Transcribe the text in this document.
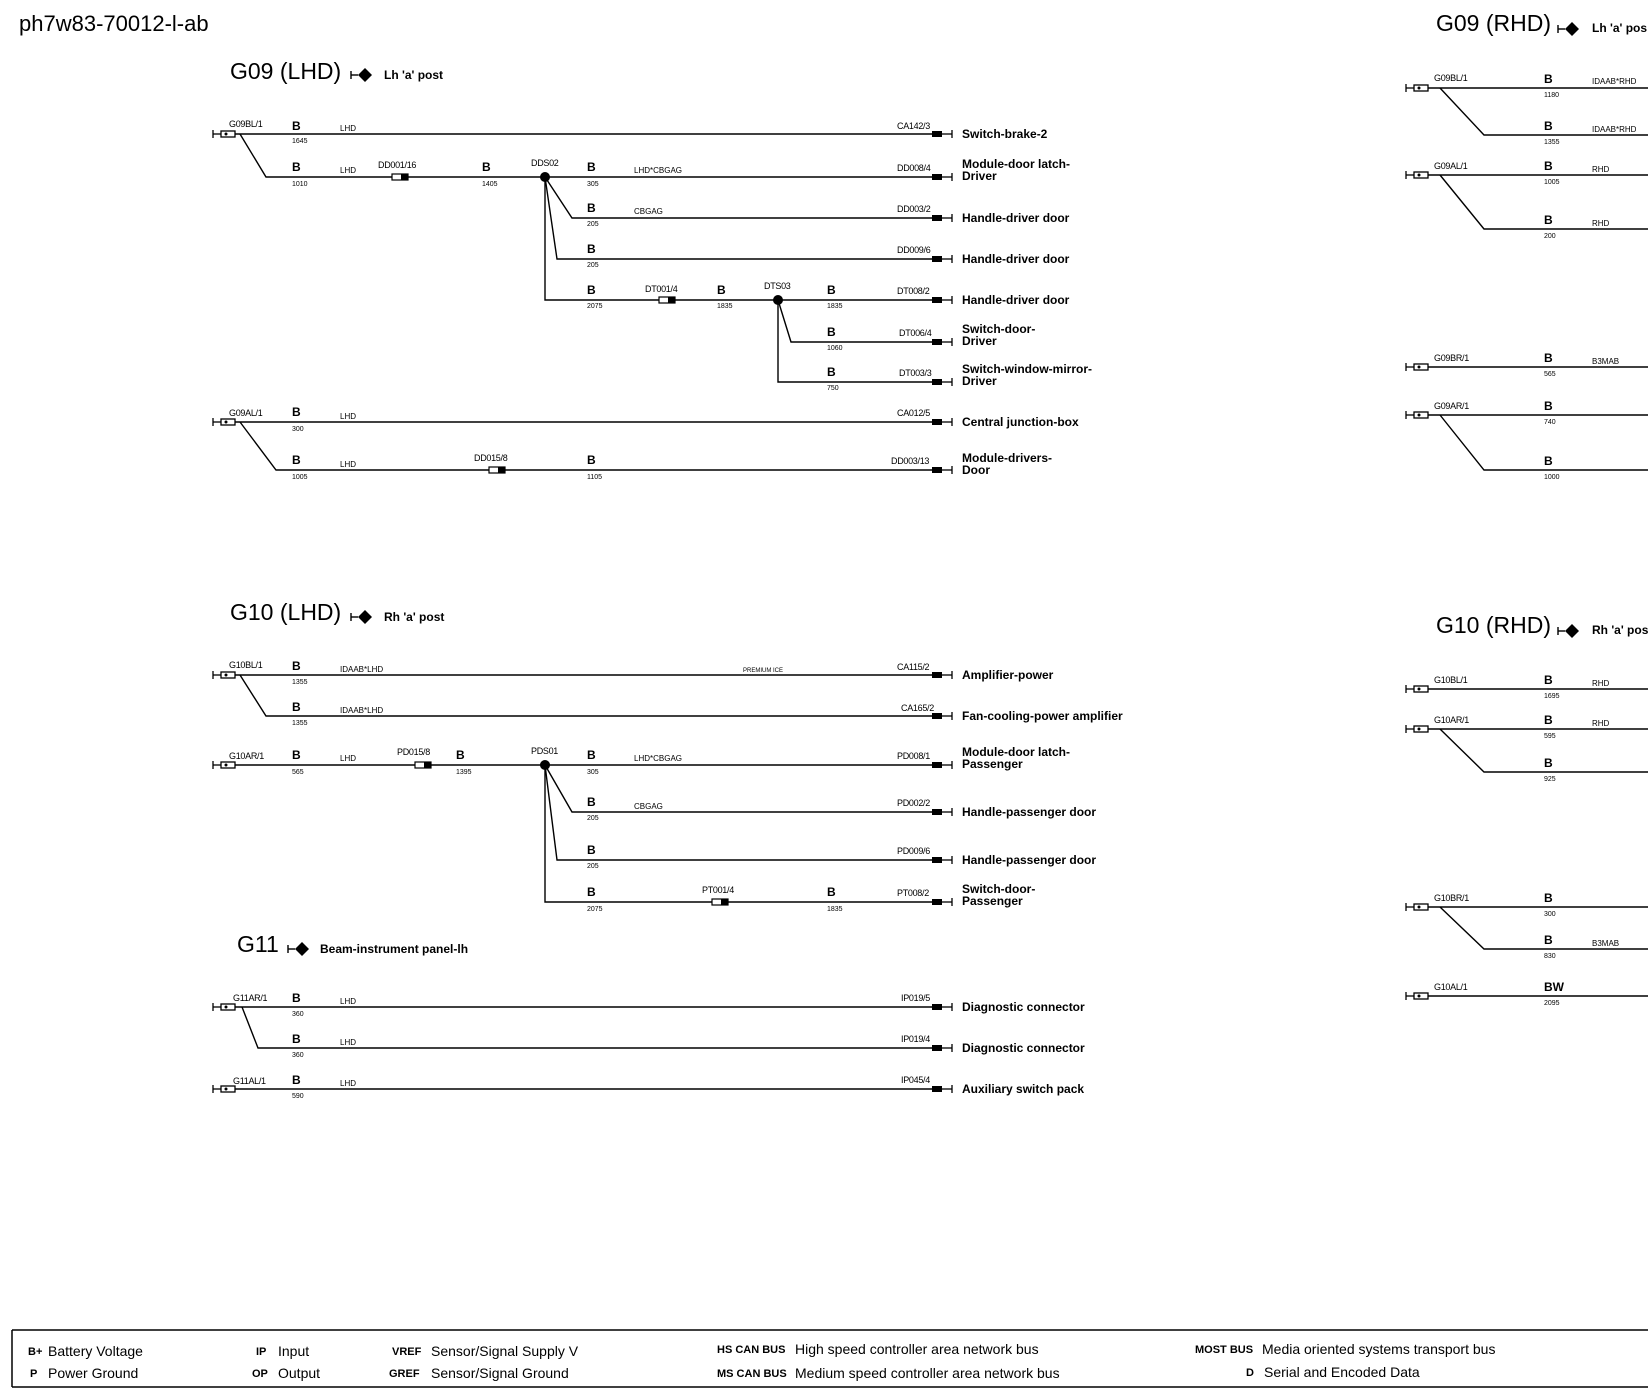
ph7w83-70012-l-ab
G09 (LHD)	Lh 'a' post
G09BL/1 B
1645
LHD	CA142/3
Switch-brake-2
B
1010
LHD
DD001/16	B
1405
DDS02 B
305
LHD*CBGAG	DD008/4	Module-door latch-
Driver
B
205
CBGAG	DD003/2
Handle-driver door
B
205
DD009/6
Handle-driver door
B
2075
DT001/4	B
1835
DTS03	B
1835
DT008/2
Handle-driver door
B
1060
DT006/4	Switch-door-
Driver
B
750
DT003/3	Switch-window-mirror-
Driver
G09AL/1 B
300
LHD	CA012/5
Central junction-box
B
1005
LHD
DD015/8	B
1105
DD003/13	Module-drivers-
Door
G10 (LHD)	Rh 'a' post
G10BL/1 B
1355
IDAAB*LHD	PREMIUM ICE	CA115/2
Amplifier-power
B
1355
IDAAB*LHD	CA165/2
Fan-cooling-power amplifier
G10AR/1 B
565
LHD
PD015/8 B
1395
PDS01 B
305
LHD*CBGAG	PD008/1	Module-door latch-
Passenger
B
205
CBGAG	PD002/2
Handle-passenger door
B
205
PD009/6
Handle-passenger door
B
2075
PT001/4	B
1835
PT008/2	Switch-door-
Passenger
G11	Beam-instrument panel-lh
G11AR/1 B
360
LHD	IP019/5
Diagnostic connector
B
360
LHD	IP019/4
Diagnostic connector
G11AL/1 B
590
LHD	IP045/4
Auxiliary switch pack
G09 (RHD)	Lh 'a' pos
G09BL/1	B
1180
IDAAB*RHD
B
1355
IDAAB*RHD
G09AL/1	B
1005
RHD
B
200
RHD
G09BR/1	B
565
B3MAB
G09AR/1	B
740
B
1000
G10 (RHD)	Rh 'a' pos
G10BL/1	B
1695
RHD
G10AR/1	B
595
RHD
B
925
G10BR/1	B
300
B
830
B3MAB
G10AL/1	BW
2095
B+ Battery Voltage
P Power Ground
IP Input
OP Output
VREF Sensor/Signal Supply V
GREF Sensor/Signal Ground
HS CAN BUS High speed controller area network bus
MS CAN BUS Medium speed controller area network bus
MOST BUS Media oriented systems transport bus
D Serial and Encoded Data
